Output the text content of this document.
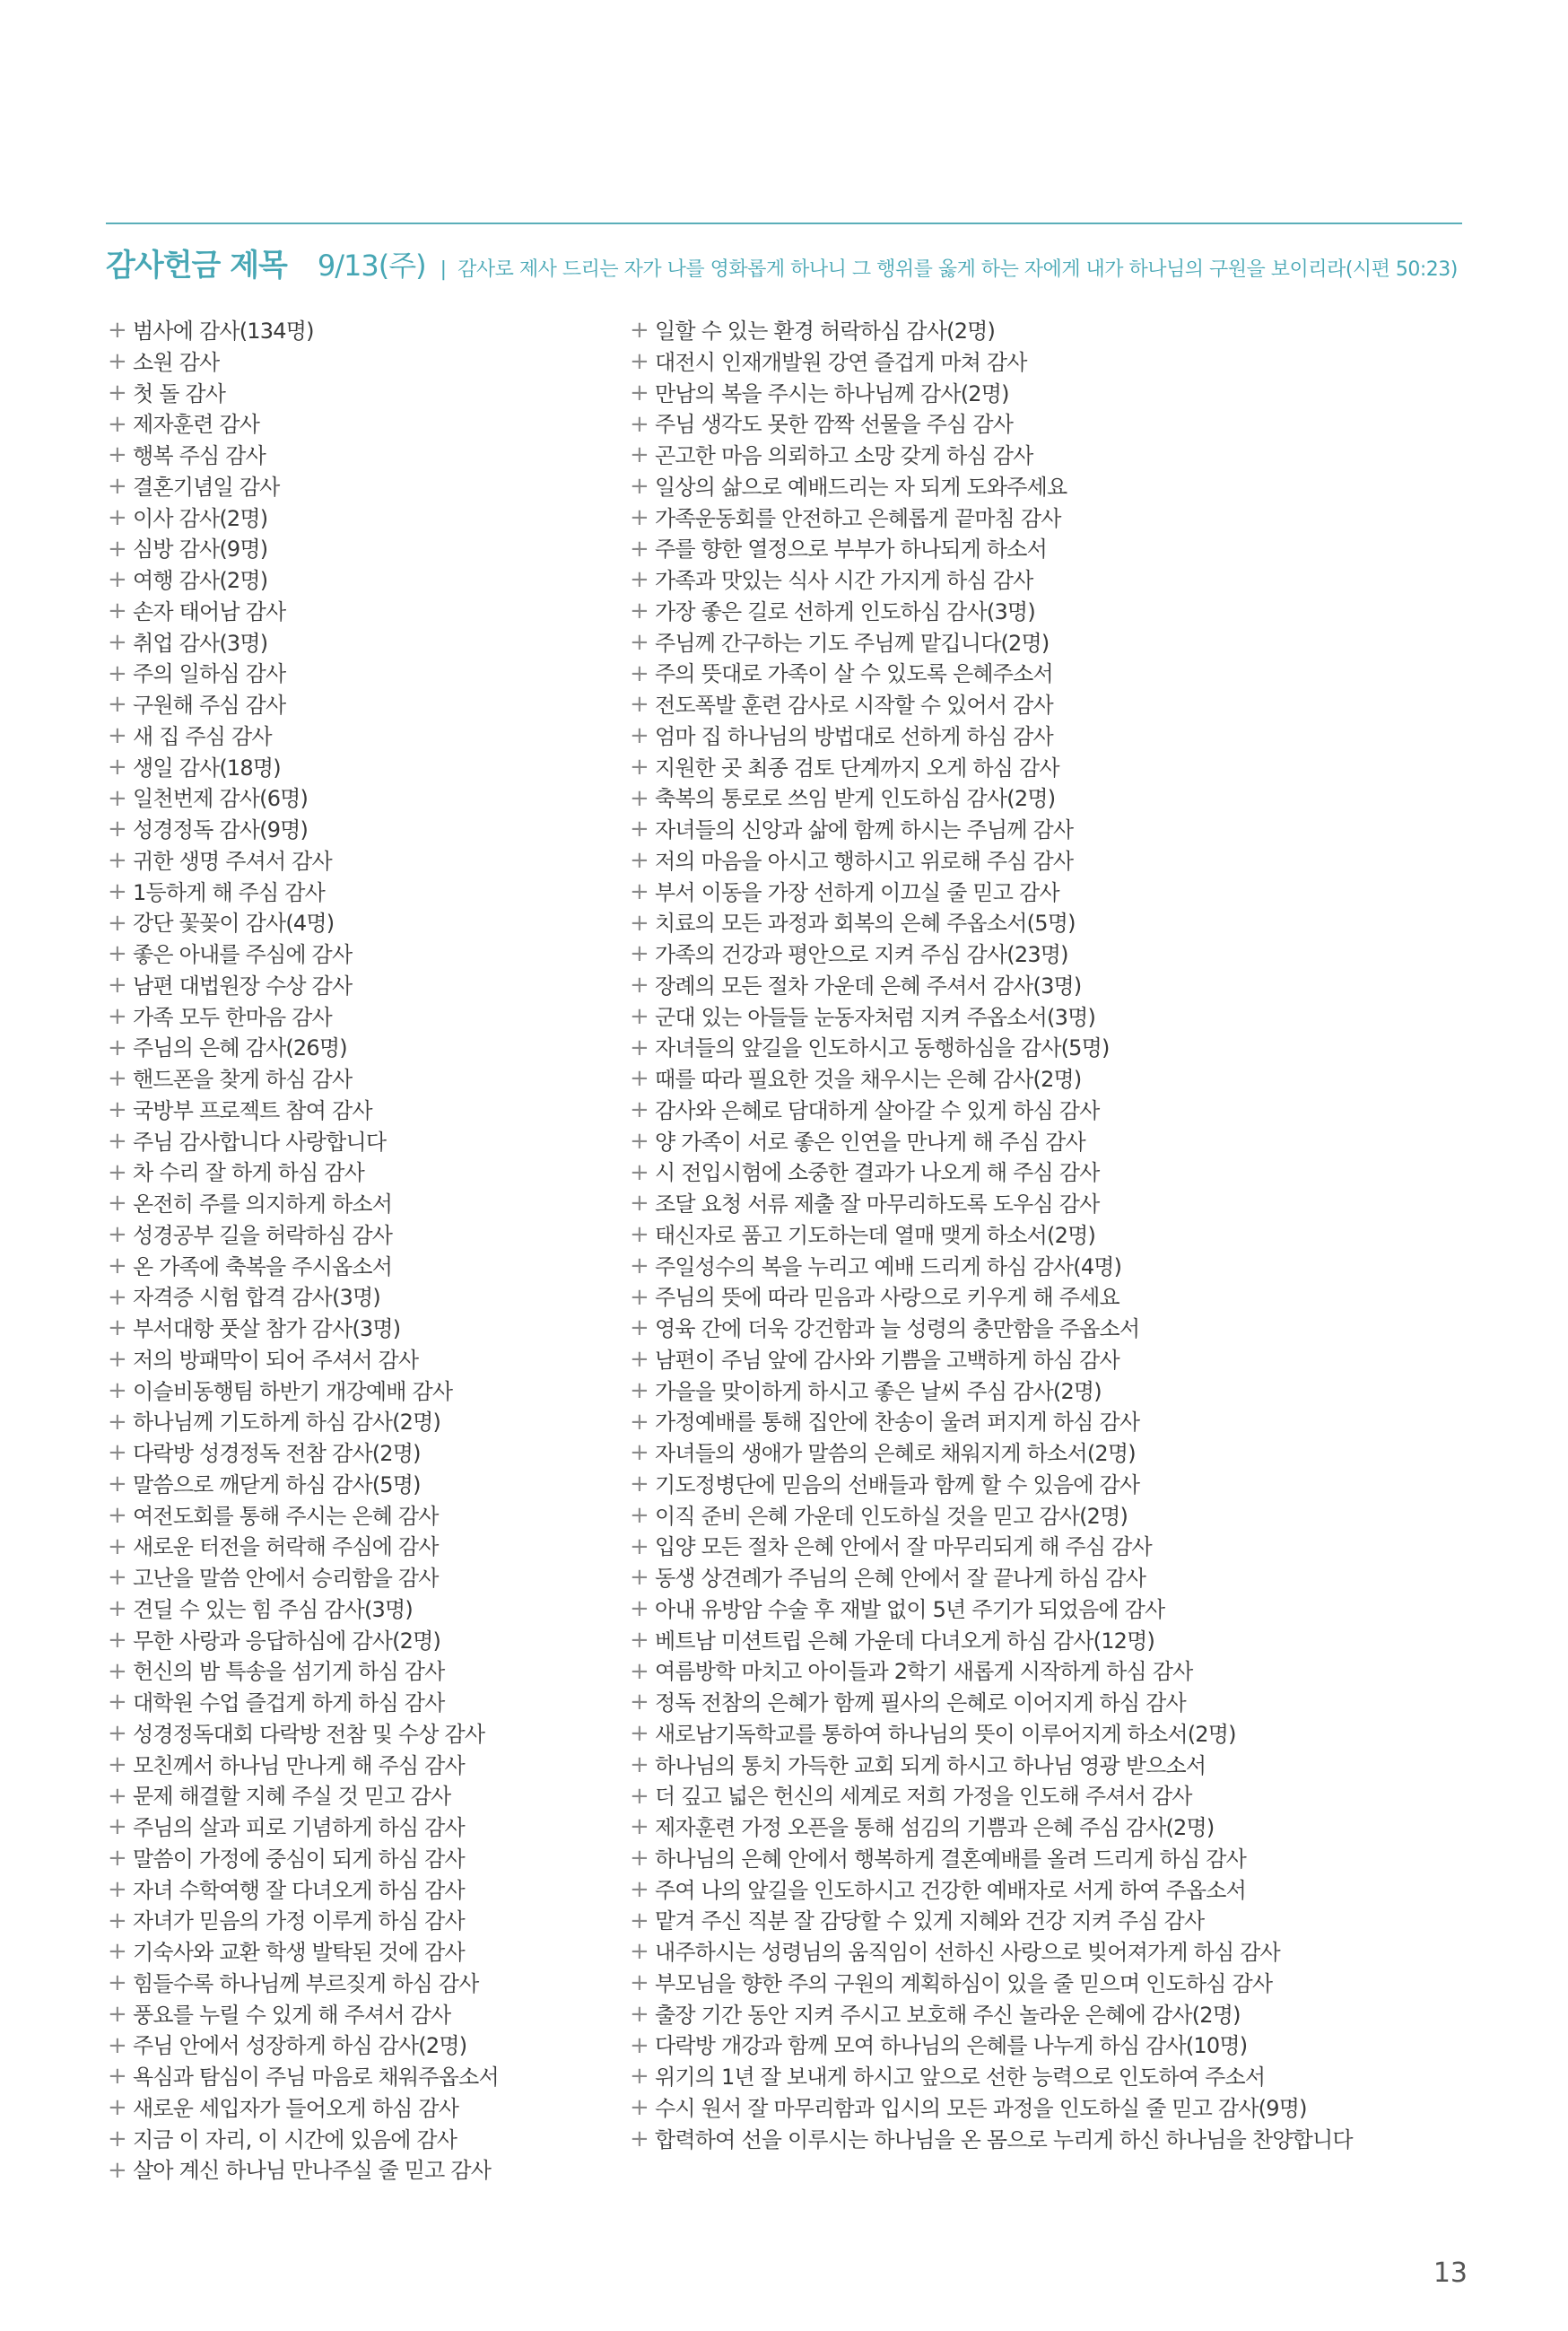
감사헌금 제목 9/13(주) | 감사로 제사 드리는 자가 나를 영화롭게 하나니 그 행위를 옳게 하는 자에게 내가 하나님의 구원을 보이리라(시편 50:23)
+ 범사에 감사(134명)
+ 소원 감사
+ 첫 돌 감사
+ 제자훈련 감사
+ 행복 주심 감사
+ 결혼기념일 감사
+ 이사 감사(2명)
+ 심방 감사(9명)
+ 여행 감사(2명)
+ 손자 태어남 감사
+ 취업 감사(3명)
+ 주의 일하심 감사
+ 구원해 주심 감사
+ 새 집 주심 감사
+ 생일 감사(18명)
+ 일천번제 감사(6명)
+ 성경정독 감사(9명)
+ 귀한 생명 주셔서 감사
+ 1등하게 해 주심 감사
+ 강단 꽃꽂이 감사(4명)
+ 좋은 아내를 주심에 감사
+ 남편 대법원장 수상 감사
+ 가족 모두 한마음 감사
+ 주님의 은혜 감사(26명)
+ 핸드폰을 찾게 하심 감사
+ 국방부 프로젝트 참여 감사
+ 주님 감사합니다 사랑합니다
+ 차 수리 잘 하게 하심 감사
+ 온전히 주를 의지하게 하소서
+ 성경공부 길을 허락하심 감사
+ 온 가족에 축복을 주시옵소서
+ 자격증 시험 합격 감사(3명)
+ 부서대항 풋살 참가 감사(3명)
+ 저의 방패막이 되어 주셔서 감사
+ 이슬비동행팀 하반기 개강예배 감사
+ 하나님께 기도하게 하심 감사(2명)
+ 다락방 성경정독 전참 감사(2명)
+ 말씀으로 깨닫게 하심 감사(5명)
+ 여전도회를 통해 주시는 은혜 감사
+ 새로운 터전을 허락해 주심에 감사
+ 고난을 말씀 안에서 승리함을 감사
+ 견딜 수 있는 힘 주심 감사(3명)
+ 무한 사랑과 응답하심에 감사(2명)
+ 헌신의 밤 특송을 섬기게 하심 감사
+ 대학원 수업 즐겁게 하게 하심 감사
+ 성경정독대회 다락방 전참 및 수상 감사
+ 모친께서 하나님 만나게 해 주심 감사
+ 문제 해결할 지혜 주실 것 믿고 감사
+ 주님의 살과 피로 기념하게 하심 감사
+ 말씀이 가정에 중심이 되게 하심 감사
+ 자녀 수학여행 잘 다녀오게 하심 감사
+ 자녀가 믿음의 가정 이루게 하심 감사
+ 기숙사와 교환 학생 발탁된 것에 감사
+ 힘들수록 하나님께 부르짖게 하심 감사
+ 풍요를 누릴 수 있게 해 주셔서 감사
+ 주님 안에서 성장하게 하심 감사(2명)
+ 욕심과 탐심이 주님 마음로 채워주옵소서
+ 새로운 세입자가 들어오게 하심 감사
+ 지금 이 자리, 이 시간에 있음에 감사
+ 살아 계신 하나님 만나주실 줄 믿고 감사
+ 일할 수 있는 환경 허락하심 감사(2명)
+ 대전시 인재개발원 강연 즐겁게 마쳐 감사
+ 만남의 복을 주시는 하나님께 감사(2명)
+ 주님 생각도 못한 깜짝 선물을 주심 감사
+ 곤고한 마음 의뢰하고 소망 갖게 하심 감사
+ 일상의 삶으로 예배드리는 자 되게 도와주세요
+ 가족운동회를 안전하고 은혜롭게 끝마침 감사
+ 주를 향한 열정으로 부부가 하나되게 하소서
+ 가족과 맛있는 식사 시간 가지게 하심 감사
+ 가장 좋은 길로 선하게 인도하심 감사(3명)
+ 주님께 간구하는 기도 주님께 맡깁니다(2명)
+ 주의 뜻대로 가족이 살 수 있도록 은혜주소서
+ 전도폭발 훈련 감사로 시작할 수 있어서 감사
+ 엄마 집 하나님의 방법대로 선하게 하심 감사
+ 지원한 곳 최종 검토 단계까지 오게 하심 감사
+ 축복의 통로로 쓰임 받게 인도하심 감사(2명)
+ 자녀들의 신앙과 삶에 함께 하시는 주님께 감사
+ 저의 마음을 아시고 행하시고 위로해 주심 감사
+ 부서 이동을 가장 선하게 이끄실 줄 믿고 감사
+ 치료의 모든 과정과 회복의 은혜 주옵소서(5명)
+ 가족의 건강과 평안으로 지켜 주심 감사(23명)
+ 장례의 모든 절차 가운데 은혜 주셔서 감사(3명)
+ 군대 있는 아들들 눈동자처럼 지켜 주옵소서(3명)
+ 자녀들의 앞길을 인도하시고 동행하심을 감사(5명)
+ 때를 따라 필요한 것을 채우시는 은혜 감사(2명)
+ 감사와 은혜로 담대하게 살아갈 수 있게 하심 감사
+ 양 가족이 서로 좋은 인연을 만나게 해 주심 감사
+ 시 전입시험에 소중한 결과가 나오게 해 주심 감사
+ 조달 요청 서류 제출 잘 마무리하도록 도우심 감사
+ 태신자로 품고 기도하는데 열매 맺게 하소서(2명)
+ 주일성수의 복을 누리고 예배 드리게 하심 감사(4명)
+ 주님의 뜻에 따라 믿음과 사랑으로 키우게 해 주세요
+ 영육 간에 더욱 강건함과 늘 성령의 충만함을 주옵소서
+ 남편이 주님 앞에 감사와 기쁨을 고백하게 하심 감사
+ 가을을 맞이하게 하시고 좋은 날씨 주심 감사(2명)
+ 가정예배를 통해 집안에 찬송이 울려 퍼지게 하심 감사
+ 자녀들의 생애가 말씀의 은혜로 채워지게 하소서(2명)
+ 기도정병단에 믿음의 선배들과 함께 할 수 있음에 감사
+ 이직 준비 은혜 가운데 인도하실 것을 믿고 감사(2명)
+ 입양 모든 절차 은혜 안에서 잘 마무리되게 해 주심 감사
+ 동생 상견례가 주님의 은혜 안에서 잘 끝나게 하심 감사
+ 아내 유방암 수술 후 재발 없이 5년 주기가 되었음에 감사
+ 베트남 미션트립 은혜 가운데 다녀오게 하심 감사(12명)
+ 여름방학 마치고 아이들과 2학기 새롭게 시작하게 하심 감사
+ 정독 전참의 은혜가 함께 필사의 은혜로 이어지게 하심 감사
+ 새로남기독학교를 통하여 하나님의 뜻이 이루어지게 하소서(2명)
+ 하나님의 통치 가득한 교회 되게 하시고 하나님 영광 받으소서
+ 더 깊고 넓은 헌신의 세계로 저희 가정을 인도해 주셔서 감사
+ 제자훈련 가정 오픈을 통해 섬김의 기쁨과 은혜 주심 감사(2명)
+ 하나님의 은혜 안에서 행복하게 결혼예배를 올려 드리게 하심 감사
+ 주여 나의 앞길을 인도하시고 건강한 예배자로 서게 하여 주옵소서
+ 맡겨 주신 직분 잘 감당할 수 있게 지혜와 건강 지켜 주심 감사
+ 내주하시는 성령님의 움직임이 선하신 사랑으로 빚어져가게 하심 감사
+ 부모님을 향한 주의 구원의 계획하심이 있을 줄 믿으며 인도하심 감사
+ 출장 기간 동안 지켜 주시고 보호해 주신 놀라운 은혜에 감사(2명)
+ 다락방 개강과 함께 모여 하나님의 은혜를 나누게 하심 감사(10명)
+ 위기의 1년 잘 보내게 하시고 앞으로 선한 능력으로 인도하여 주소서
+ 수시 원서 잘 마무리함과 입시의 모든 과정을 인도하실 줄 믿고 감사(9명)
+ 합력하여 선을 이루시는 하나님을 온 몸으로 누리게 하신 하나님을 찬양합니다
13
